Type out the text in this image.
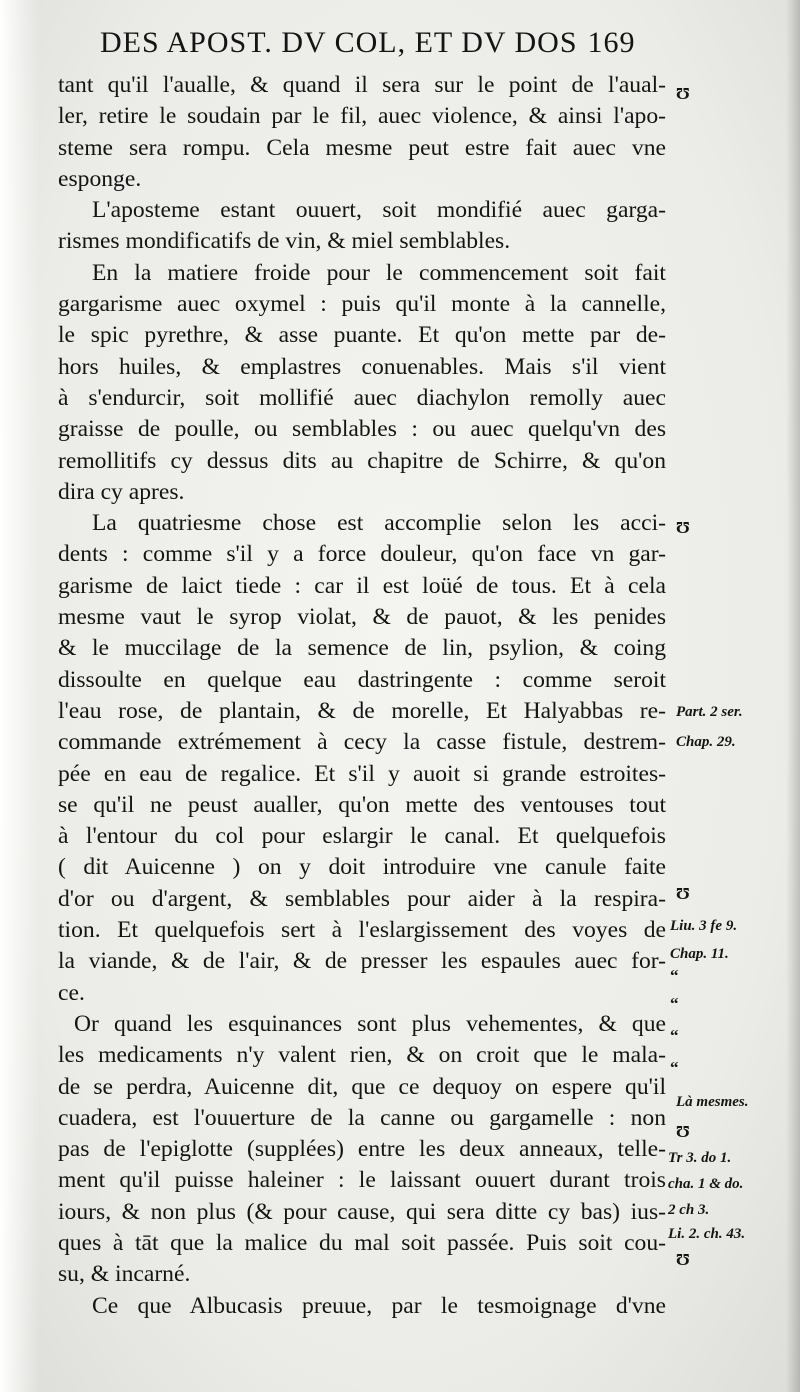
DES APOST. DV COL, ET DV DOS 169
tant qu'il l'aualle, & quand il sera sur le point de l'aual-
ler, retire le soudain par le fil, auec violence, & ainsi l'apo-
steme sera rompu. Cela mesme peut estre fait auec vne
esponge.
L'aposteme estant ouuert, soit mondifié auec garga-
rismes mondificatifs de vin, & miel semblables.
En la matiere froide pour le commencement soit fait
gargarisme auec oxymel : puis qu'il monte à la cannelle,
le spic pyrethre, & asse puante. Et qu'on mette par de-
hors huiles, & emplastres conuenables. Mais s'il vient
à s'endurcir, soit mollifié auec diachylon remolly auec
graisse de poulle, ou semblables : ou auec quelqu'vn des
remollitifs cy dessus dits au chapitre de Schirre, & qu'on
dira cy apres.
La quatriesme chose est accomplie selon les acci-
dents : comme s'il y a force douleur, qu'on face vn gar-
garisme de laict tiede : car il est loüé de tous. Et à cela
mesme vaut le syrop violat, & de pauot, & les penides
& le muccilage de la semence de lin, psylion, & coing
dissoulte en quelque eau dastringente : comme seroit
l'eau rose, de plantain, & de morelle, Et Halyabbas re-
commande extrémement à cecy la casse fistule, destrem-
pée en eau de regalice. Et s'il y auoit si grande estroites-
se qu'il ne peust aualler, qu'on mette des ventouses tout
à l'entour du col pour eslargir le canal. Et quelquefois
( dit Auicenne ) on y doit introduire vne canule faite
d'or ou d'argent, & semblables pour aider à la respira-
tion. Et quelquefois sert à l'eslargissement des voyes de
la viande, & de l'air, & de presser les espaules auec for-
ce.
Or quand les esquinances sont plus vehementes, & que
les medicaments n'y valent rien, & on croit que le mala-
de se perdra, Auicenne dit, que ce dequoy on espere qu'il
cuadera, est l'ouuerture de la canne ou gargamelle : non
pas de l'epiglotte (supplées) entre les deux anneaux, telle-
ment qu'il puisse haleiner : le laissant ouuert durant trois
iours, & non plus (& pour cause, qui sera ditte cy bas) ius-
ques à tāt que la malice du mal soit passée. Puis soit cou-
su, & incarné.
Ce que Albucasis preuue, par le tesmoignage d'vne
Ʊ
Ʊ
Part. 2 ser.
Chap. 29.
Ʊ
Liu. 3 fe 9.
Chap. 11.
“
“
“
“
Là mesmes.
Ʊ
Tr 3. do 1.
cha. 1 & do.
2 ch 3.
Li. 2. ch. 43.
Ʊ
